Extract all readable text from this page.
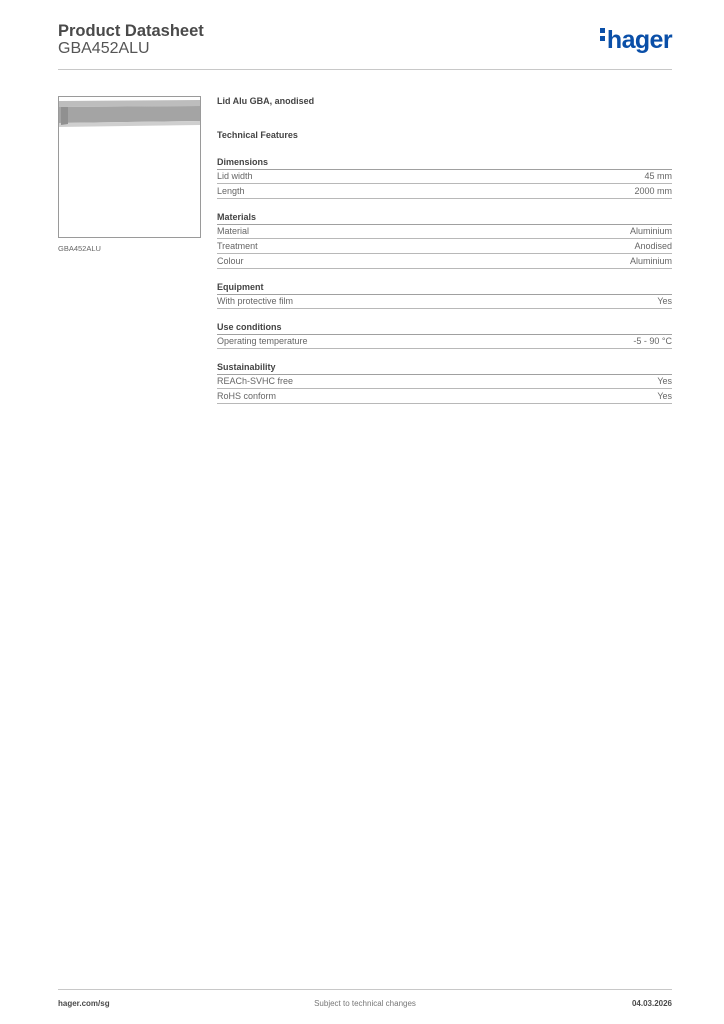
Product Datasheet
GBA452ALU	hager
GBA452ALU
Lid Alu GBA, anodised
Technical Features
Dimensions
Lid width	45 mm
Length	2000 mm
Materials
Material	Aluminium
Treatment	Anodised
Colour	Aluminium
Equipment
With protective film	Yes
Use conditions
Operating temperature	-5 - 90 °C
Sustainability
REACh-SVHC free	Yes
RoHS conform	Yes
hager.com/sg	Subject to technical changes	04.03.2026
